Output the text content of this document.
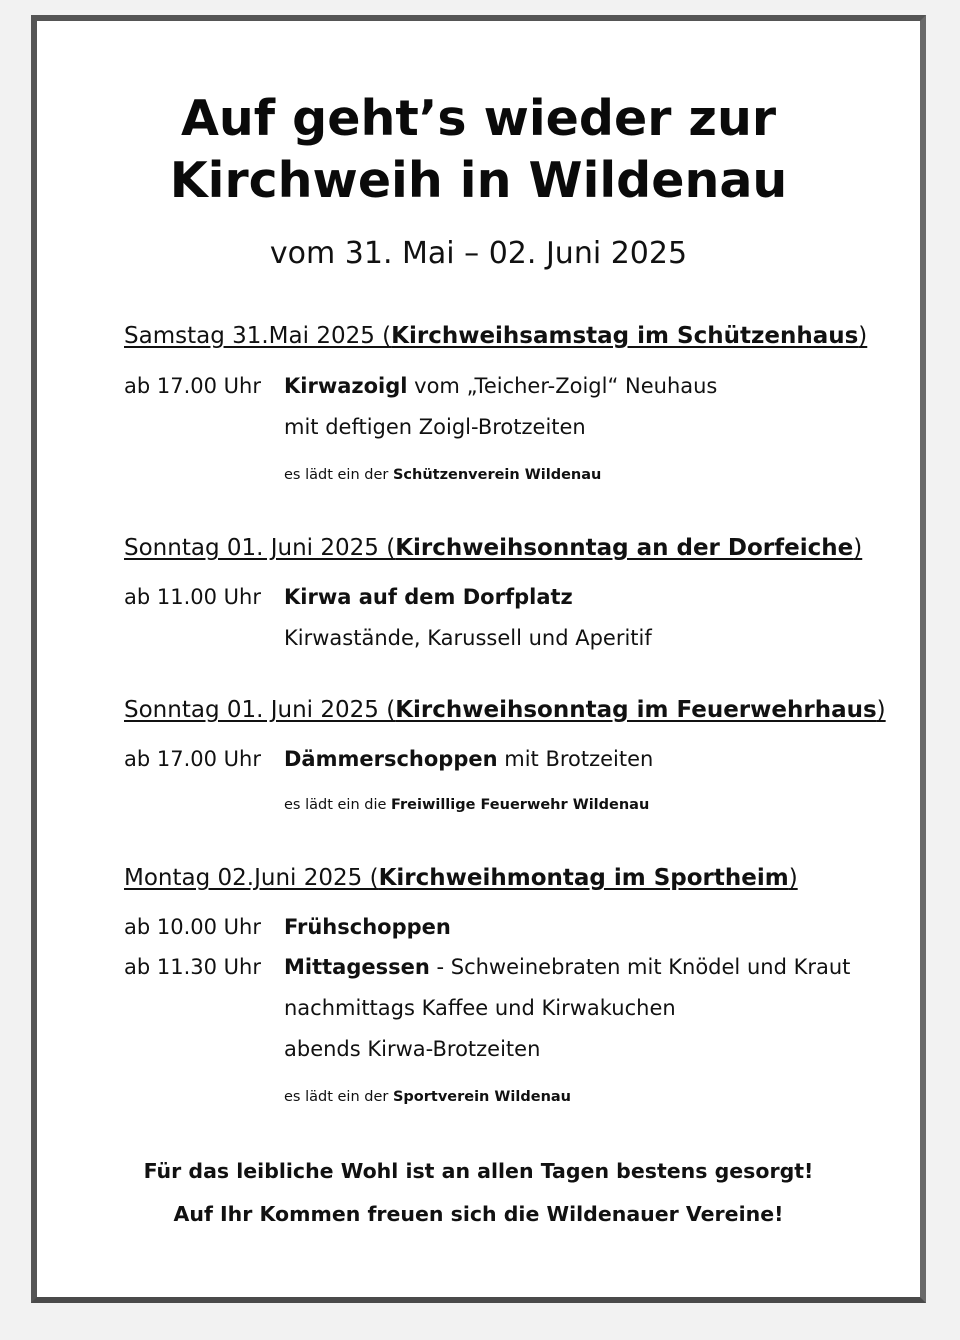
Auf geht’s wieder zur
Kirchweih in Wildenau
vom 31. Mai – 02. Juni 2025
Samstag 31.Mai 2025 (Kirchweihsamstag im Schützenhaus)
ab 17.00 Uhr Kirwazoigl vom „Teicher-Zoigl“ Neuhaus
mit deftigen Zoigl-Brotzeiten
es lädt ein der Schützenverein Wildenau
Sonntag 01. Juni 2025 (Kirchweihsonntag an der Dorfeiche)
ab 11.00 Uhr Kirwa auf dem Dorfplatz
Kirwastände, Karussell und Aperitif
Sonntag 01. Juni 2025 (Kirchweihsonntag im Feuerwehrhaus)
ab 17.00 Uhr Dämmerschoppen mit Brotzeiten
es lädt ein die Freiwillige Feuerwehr Wildenau
Montag 02.Juni 2025 (Kirchweihmontag im Sportheim)
ab 10.00 Uhr Frühschoppen
ab 11.30 Uhr Mittagessen - Schweinebraten mit Knödel und Kraut
nachmittags Kaffee und Kirwakuchen
abends Kirwa-Brotzeiten
es lädt ein der Sportverein Wildenau
Für das leibliche Wohl ist an allen Tagen bestens gesorgt!
Auf Ihr Kommen freuen sich die Wildenauer Vereine!
